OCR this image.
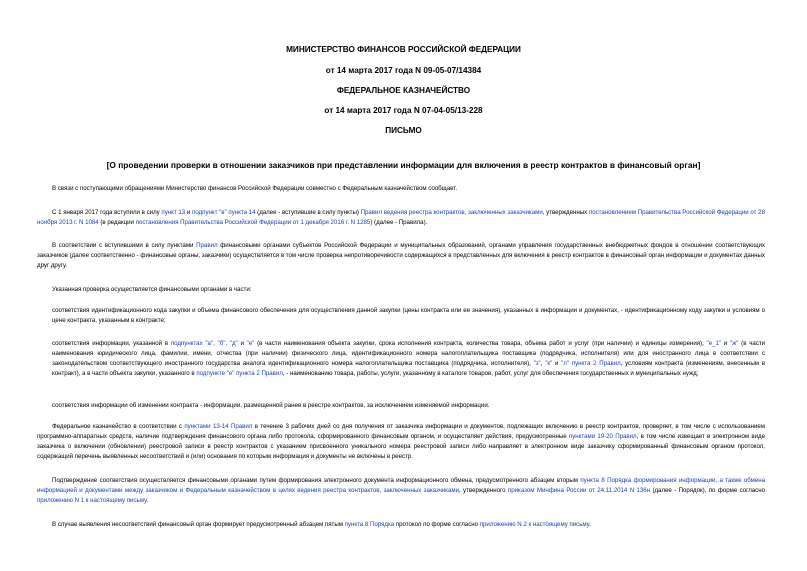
МИНИСТЕРСТВО ФИНАНСОВ РОССИЙСКОЙ ФЕДЕРАЦИИ
от 14 марта 2017 года N 09-05-07/14384
ФЕДЕРАЛЬНОЕ КАЗНАЧЕЙСТВО
от 14 марта 2017 года N 07-04-05/13-228
ПИСЬМО
[О проведении проверки в отношении заказчиков при представлении информации для включения в реестр контрактов в финансовый орган]

В связи с поступающими обращениями Министерство финансов Российской Федерации совместно с Федеральным казначейством сообщает.

С 1 января 2017 года вступили в силу пункт 13 и подпункт "в" пункта 14 (далее - вступившие в силу пункты) Правил ведения реестра контрактов, заключенных заказчиками, утвержденных постановлением Правительства Российской Федерации от 28 ноября 2013 г. N 1084 (в редакции постановления Правительства Российской Федерации от 1 декабря 2016 г. N 1285) (далее - Правила).

В соответствии с вступившими в силу пунктами Правил финансовыми органами субъектов Российской Федерации и муниципальных образований, органами управления государственных внебюджетных фондов в отношении соответствующих заказчиков (далее соответственно - финансовые органы, заказчики) осуществляется в том числе проверка непротиворечивости содержащихся в представленных для включения в реестр контрактов в финансовый орган информации и документах данных друг другу.

Указанная проверка осуществляется финансовыми органами в части:

соответствия идентификационного кода закупки и объема финансового обеспечения для осуществления данной закупки (цены контракта или ее значения), указанных в информации и документах, - идентификационному коду закупки и условиям о цене контракта, указанным в контракте;

соответствия информации, указанной в подпунктах "а", "б", "д" и "е" (в части наименования объекта закупки, срока исполнения контракта, количества товара, объема работ и услуг (при наличии) и единицы измерения), "е_1" и "ж" (в части наименования юридического лица, фамилии, имени, отчества (при наличии) физического лица, идентификационного номера налогоплательщика поставщика (подрядчика, исполнителя) или для иностранного лица в соответствии с законодательством соответствующего иностранного государства аналога идентификационного номера налогоплательщика поставщика (подрядчика, исполнителя), "з", "к" и "л" пункта 2 Правил, условиям контракта (изменениям, внесенным в контракт), а в части объекта закупки, указанного в подпункте "е" пункта 2 Правил, - наименованию товара, работы, услуги, указанному в каталоге товаров, работ, услуг для обеспечения государственных и муниципальных нужд;

соответствия информации об изменении контракта - информации, размещенной ранее в реестре контрактов, за исключением изменяемой информации.

Федеральное казначейство в соответствии с пунктами 13-14 Правил в течение 3 рабочих дней со дня получения от заказчика информации и документов, подлежащих включению в реестр контрактов, проверяет, в том числе с использованием программно-аппаратных средств, наличие подтверждения финансового органа либо протокола, сформированного финансовым органом, и осуществляет действия, предусмотренные пунктами 19-20 Правил, в том числе извещает в электронном виде заказчика о включении (обновлении) реестровой записи в реестр контрактов с указанием присвоенного уникального номера реестровой записи либо направляет в электронном виде заказчику сформированный финансовым органом протокол, содержащий перечень выявленных несоответствий и (или) основания по которым информация и документы не включены в реестр.

Подтверждение соответствия осуществляется финансовыми органами путем формирования электронного документа информационного обмена, предусмотренного абзацем вторым пункта 8 Порядка формирования информации, а также обмена информацией и документами между заказчиком и Федеральным казначейством в целях ведения реестра контрактов, заключенных заказчиками, утвержденного приказом Минфина России от 24.11.2014 N 136н (далее - Порядок), по форме согласно приложению N 1 к настоящему письму.

В случае выявления несоответствий финансовый орган формирует предусмотренный абзацем пятым пункта 8 Порядка протокол по форме согласно приложению N 2 к настоящему письму.
